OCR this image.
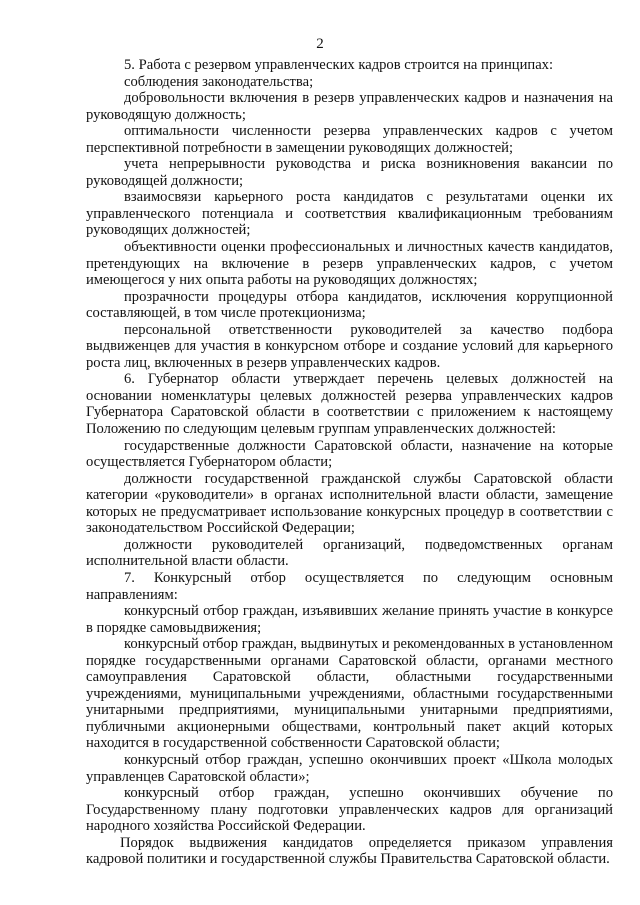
2

5. Работа с резервом управленческих кадров строится на принципах:

соблюдения законодательства;

добровольности включения в резерв управленческих кадров и назначения на руководящую должность;

оптимальности численности резерва управленческих кадров с учетом перспективной потребности в замещении руководящих должностей;

учета непрерывности руководства и риска возникновения вакансии по руководящей должности;

взаимосвязи карьерного роста кандидатов с результатами оценки их управленческого потенциала и соответствия квалификационным требованиям руководящих должностей;

объективности оценки профессиональных и личностных качеств кандидатов, претендующих на включение в резерв управленческих кадров, с учетом имеющегося у них опыта работы на руководящих должностях;

прозрачности процедуры отбора кандидатов, исключения коррупционной составляющей, в том числе протекционизма;

персональной ответственности руководителей за качество подбора выдвиженцев для участия в конкурсном отборе и создание условий для карьерного роста лиц, включенных в резерв управленческих кадров.

6. Губернатор области утверждает перечень целевых должностей на основании номенклатуры целевых должностей резерва управленческих кадров Губернатора Саратовской области в соответствии с приложением к настоящему Положению по следующим целевым группам управленческих должностей:

государственные должности Саратовской области, назначение на которые осуществляется Губернатором области;

должности государственной гражданской службы Саратовской области категории «руководители» в органах исполнительной власти области, замещение которых не предусматривает использование конкурсных процедур в соответствии с законодательством Российской Федерации;

должности руководителей организаций, подведомственных органам исполнительной власти области.

7. Конкурсный отбор осуществляется по следующим основным направлениям:

конкурсный отбор граждан, изъявивших желание принять участие в конкурсе в порядке самовыдвижения;

конкурсный отбор граждан, выдвинутых и рекомендованных в установленном порядке государственными органами Саратовской области, органами местного самоуправления Саратовской области, областными государственными учреждениями, муниципальными учреждениями, областными государственными унитарными предприятиями, муниципальными унитарными предприятиями, публичными акционерными обществами, контрольный пакет акций которых находится в государственной собственности Саратовской области;

конкурсный отбор граждан, успешно окончивших проект «Школа молодых управленцев Саратовской области»;

конкурсный отбор граждан, успешно окончивших обучение по Государственному плану подготовки управленческих кадров для организаций народного хозяйства Российской Федерации.

Порядок выдвижения кандидатов определяется приказом управления кадровой политики и государственной службы Правительства Саратовской области.
